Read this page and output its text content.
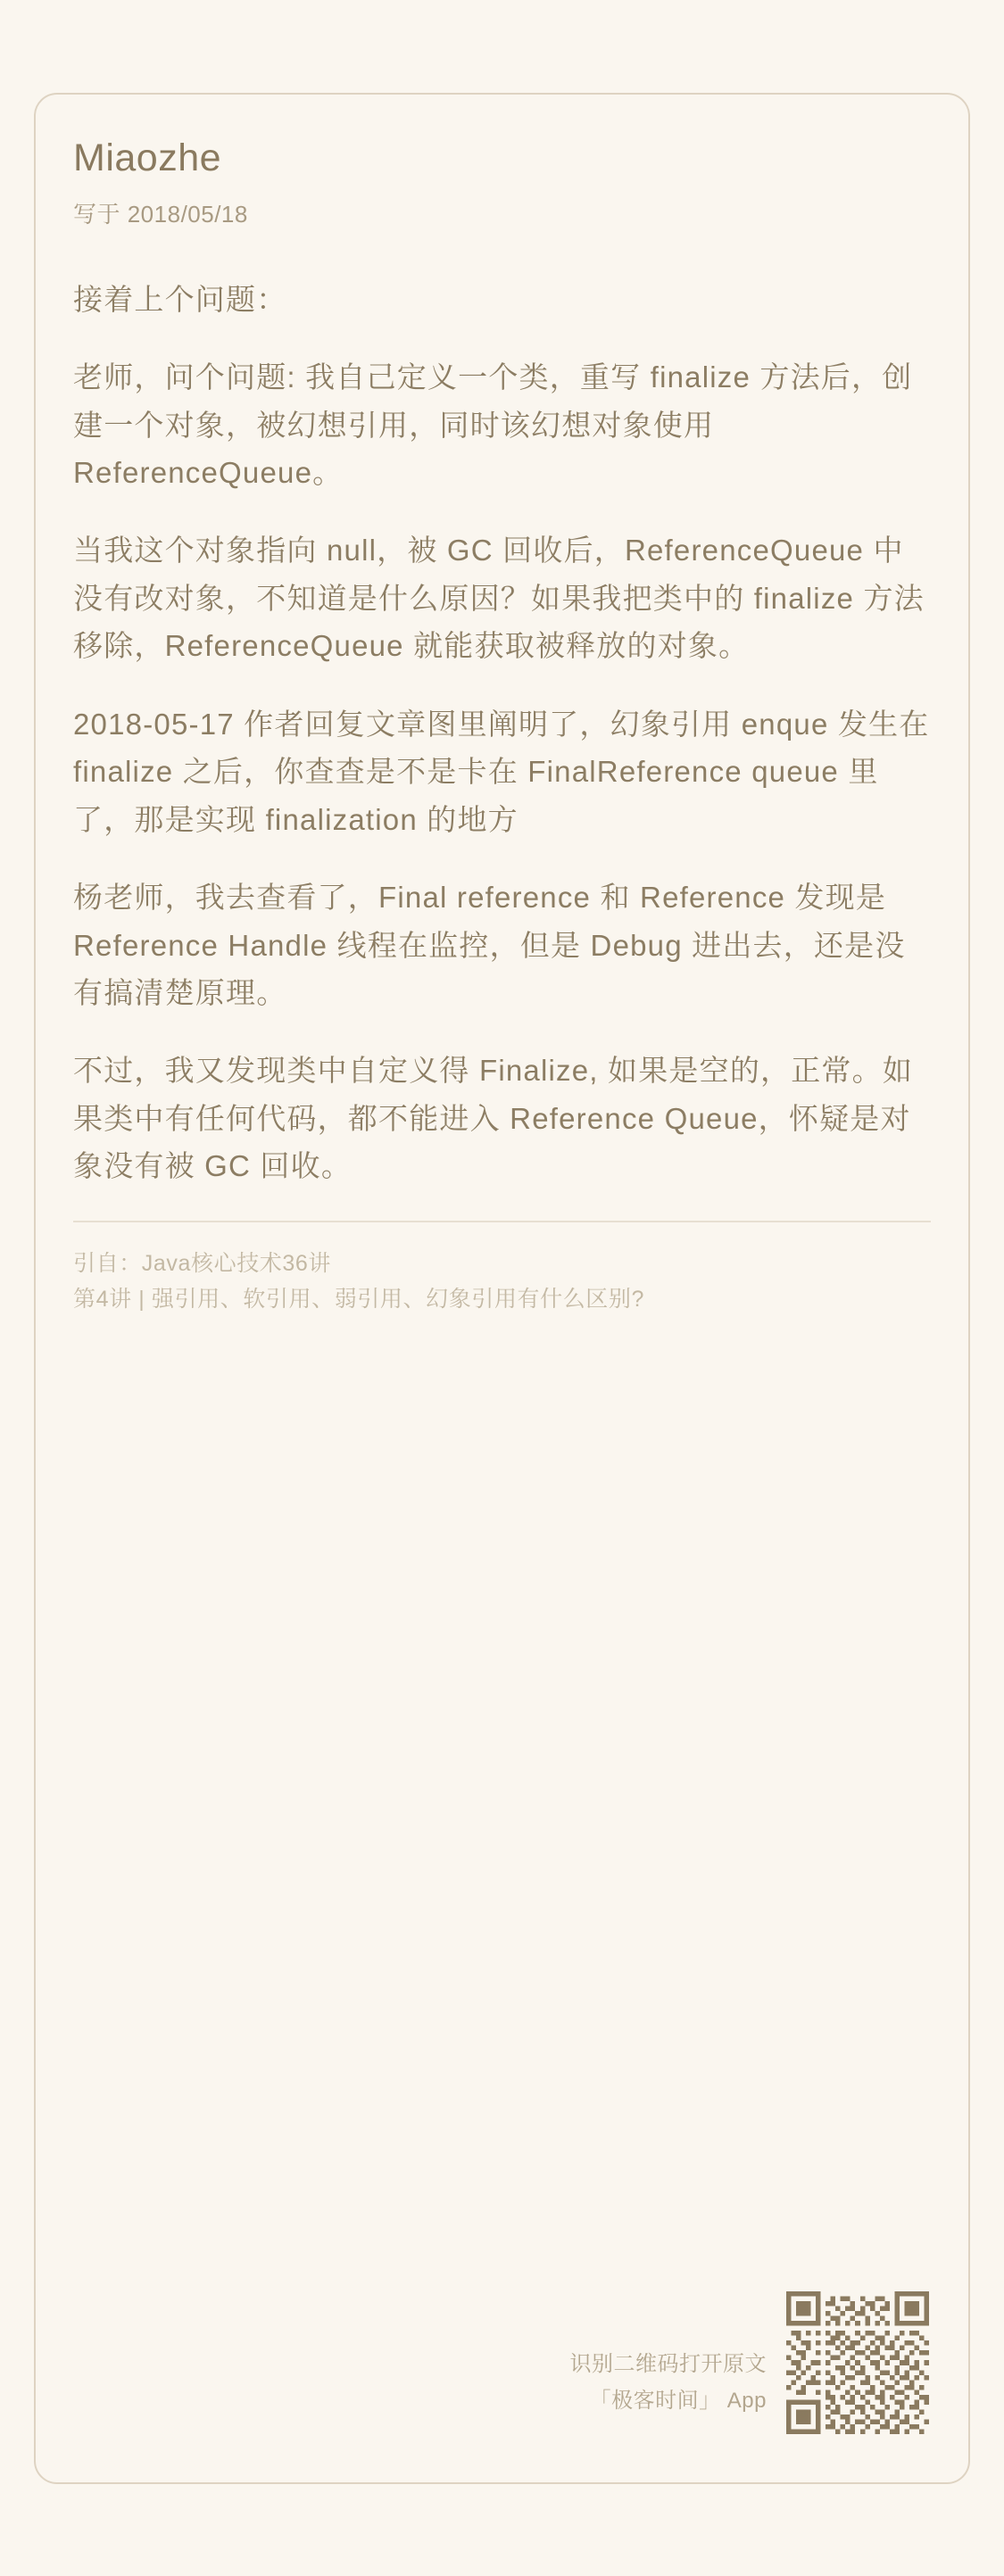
Miaozhe
写于 2018/05/18

接着上个问题：

老师，问个问题: 我自己定义一个类，重写 finalize 方法后，创建一个对象，被幻想引用，同时该幻想对象使用 ReferenceQueue。

当我这个对象指向 null，被 GC 回收后，ReferenceQueue 中没有改对象，不知道是什么原因？如果我把类中的 finalize 方法移除，ReferenceQueue 就能获取被释放的对象。

2018-05-17 作者回复文章图里阐明了，幻象引用 enque 发生在 finalize 之后，你查查是不是卡在 FinalReference queue 里了，那是实现 finalization 的地方

杨老师，我去查看了，Final reference 和 Reference 发现是 Reference Handle 线程在监控，但是 Debug 进出去，还是没有搞清楚原理。

不过，我又发现类中自定义得 Finalize, 如果是空的，正常。如果类中有任何代码，都不能进入 Reference Queue，怀疑是对象没有被 GC 回收。

引自：Java核心技术36讲
第4讲 | 强引用、软引用、弱引用、幻象引用有什么区别?
识别二维码打开原文
「极客时间」 App
